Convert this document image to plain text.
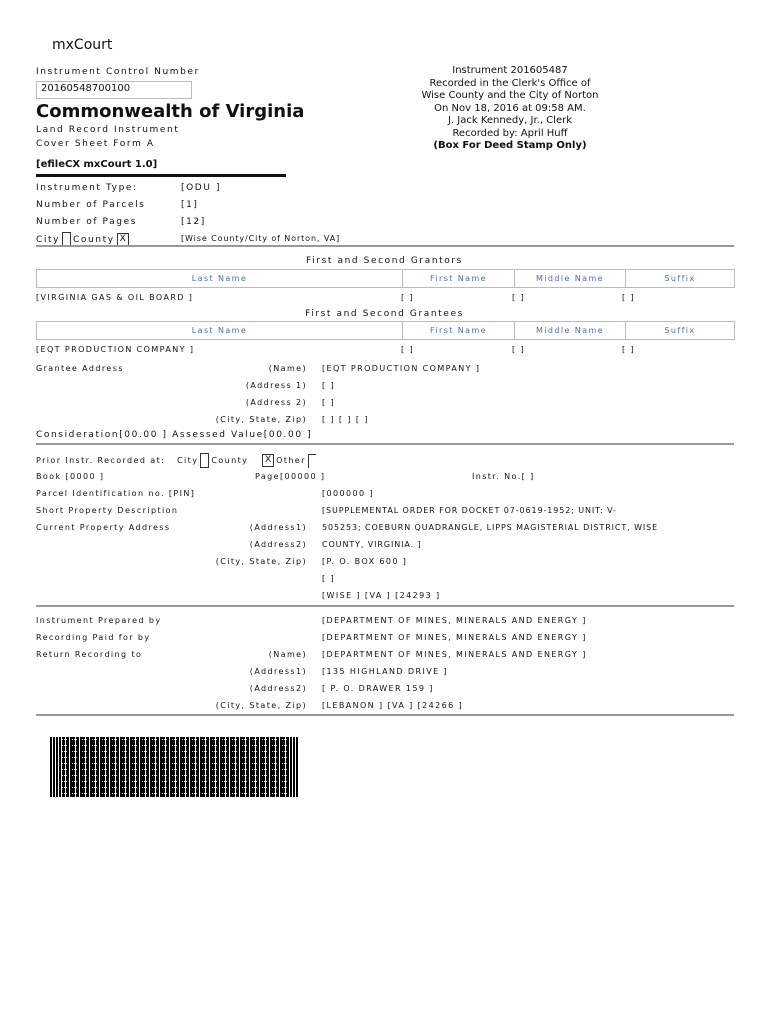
mxCourt
Instrument Control Number
20160548700100
Commonwealth of Virginia
Land Record Instrument
Cover Sheet Form A
[efileCX mxCourt 1.0]
Instrument 201605487
Recorded in the Clerk's Office of
Wise County and the City of Norton
On Nov 18, 2016 at 09:58 AM.
J. Jack Kennedy, Jr., Clerk
Recorded by: April Huff
(Box For Deed Stamp Only)
Instrument Type:	[ODU ]
Number of Parcels	[1]
Number of Pages	[12]
City County X	[Wise County/City of Norton, VA]
First and Second Grantors
Last Name	First Name	Middle Name	Suffix
[VIRGINIA GAS & OIL BOARD ]	[ ]	[ ]	[ ]
First and Second Grantees
Last Name	First Name	Middle Name	Suffix
[EQT PRODUCTION COMPANY ]	[ ]	[ ]	[ ]
Grantee Address	(Name) [EQT PRODUCTION COMPANY ]
(Address 1) [ ]
(Address 2) [ ]
(City, State, Zip) [ ] [ ] [ ]
Consideration[00.00 ] Assessed Value[00.00 ]
Prior Instr. Recorded at: City County X Other
Book [0000 ]	Page[00000 ]	Instr. No.[ ]
Parcel Identification no. [PIN]	[000000 ]
Short Property Description	[SUPPLEMENTAL ORDER FOR DOCKET 07-0619-1952; UNIT: V-
Current Property Address	(Address1) 505253; COEBURN QUADRANGLE, LIPPS MAGISTERIAL DISTRICT, WISE
(Address2) COUNTY, VIRGINIA. ]
(City, State, Zip) [P. O. BOX 600 ]
[ ]
[WISE ] [VA ] [24293 ]
Instrument Prepared by	[DEPARTMENT OF MINES, MINERALS AND ENERGY ]
Recording Paid for by	[DEPARTMENT OF MINES, MINERALS AND ENERGY ]
Return Recording to	(Name) [DEPARTMENT OF MINES, MINERALS AND ENERGY ]
(Address1) [135 HIGHLAND DRIVE ]
(Address2) [ P. O. DRAWER 159 ]
(City, State, Zip) [LEBANON ] [VA ] [24266 ]
